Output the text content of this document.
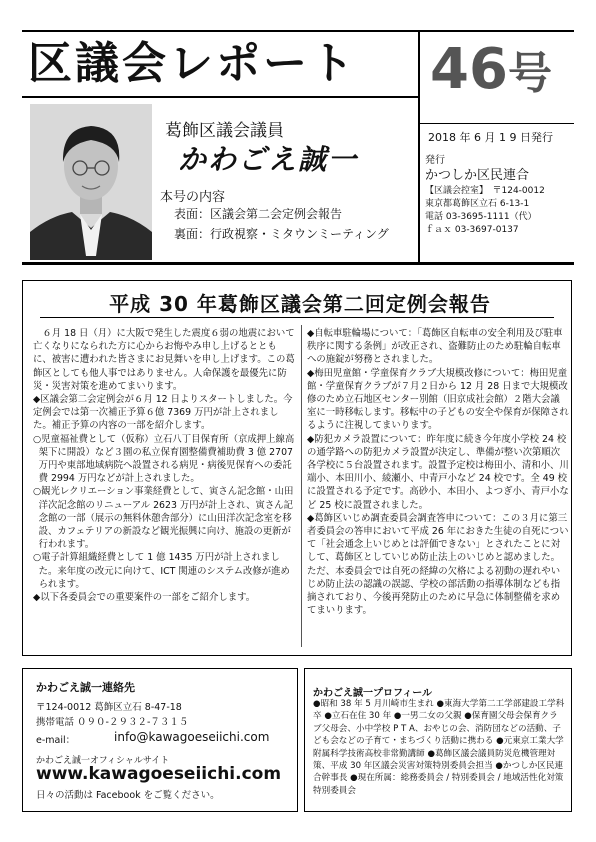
区議会レポート 46号
2018 年 6 月 1 9 日発行
葛飾区議会議員
かわごえ誠一
本号の内容
表面：区議会第二会定例会報告
裏面：行政視察・ミタウンミーティング
発行
かつしか区民連合
【区議会控室】　〒124-0012
東京都葛飾区立石 6-13-1
電話 03-3695-1111（代）
ｆａｘ 03-3697-0137
平成 30 年葛飾区議会第二回定例会報告

６月 18 日（月）に大阪で発生した震度６弱の地震において亡くなりになられた方に心からお悔やみ申し上げるとともに、被害に遭われた皆さまにお見舞いを申し上げます。この葛飾区としても他人事ではありません。人命保護を最優先に防災・災害対策を進めてまいります。

◆区議会第二会定例会が６月 12 日よりスタートしました。今定例会では第一次補正予算６億 7369 万円が計上されました。補正予算の内容の一部を紹介します。

○児童福祉費として（仮称）立石八丁目保育所（京成押上線高架下に開設）など３園の私立保育園整備費補助費 3 億 2707 万円や東部地域病院へ設置される病児・病後児保育への委託費 2994 万円などが計上されました。

○観光レクリエーション事業経費として、寅さん記念館・山田洋次記念館のリニューアル 2623 万円が計上され、寅さん記念館の一部（展示の無料休憩舎部分）に山田洋次記念室を移設、カフェテリアの新設など観光振興に向け、施設の更新が行われます。

○電子計算組織経費として 1 億 1435 万円が計上されました。来年度の改元に向けて、ICT 関連のシステム改修が進められます。

◆以下各委員会での重要案件の一部をご紹介します。

◆自転車駐輪場について：「葛飾区自転車の安全利用及び駐車秩序に関する条例」が改正され、盗難防止のため駐輪自転車への施錠が努務とされました。

◆梅田児童館・学童保育クラブ大規模改修について：梅田児童館・学童保育クラブが７月２日から 12 月 28 日まで大規模改修のため立石地区センター別館（旧京成社会館）２階大会議室に一時移転します。移転中の子どもの安全や保育が保障されるように注視してまいります。

◆防犯カメラ設置について：昨年度に続き今年度小学校 24 校の通学路への防犯カメラ設置が決定し、準備が整い次第順次各学校に５台設置されます。設置予定校は梅田小、清和小、川端小、本田川小、綾瀬小、中青戸小など 24 校です。全 49 校に設置される予定です。高砂小、本田小、よつぎ小、青戸小など 25 校に設置されました。

◆葛飾区いじめ調査委員会調査答申について：この３月に第三者委員会の答申において平成 26 年におきた生徒の自死について「社会通念上いじめとは評価できない」とされたことに対して、葛飾区としていじめ防止法上のいじめと認めました。ただ、本委員会では自死の経緯の欠格による初動の遅れやいじめ防止法の認識の誤認、学校の部活動の指導体制なども指摘されており、今後再発防止のために早急に体制整備を求めてまいります。

かわごえ誠一連絡先
〒124-0012 葛飾区立石 8-47-18
携帯電話 ０９０-２９３２-７３１５
e-mail：	info@kawagoeseiichi.com
かわごえ誠一オフィシャルサイト
www.kawagoeseiichi.com
日々の活動は Facebook をご覧ください。
かわごえ誠一プロフィール
●昭和 38 年 5 月川崎市生まれ ●東海大学第二工学部建設工学科卒 ●立石在住 30 年 ●一男二女の父親 ●保育園父母会保育クラブ父母会、小中学校 P T A、おやじの会、消防団などの活動、子ども会などの子育て・まちづくり活動に携わる ●元東京工業大学附属科学技術高校非常勤講師 ●葛飾区議会議員防災危機管理対策、平成 30 年区議会災害対策特別委員会担当 ●かつしか区民連合幹事長 ●現在所属：総務委員会 / 特別委員会 / 地域活性化対策特別委員会
